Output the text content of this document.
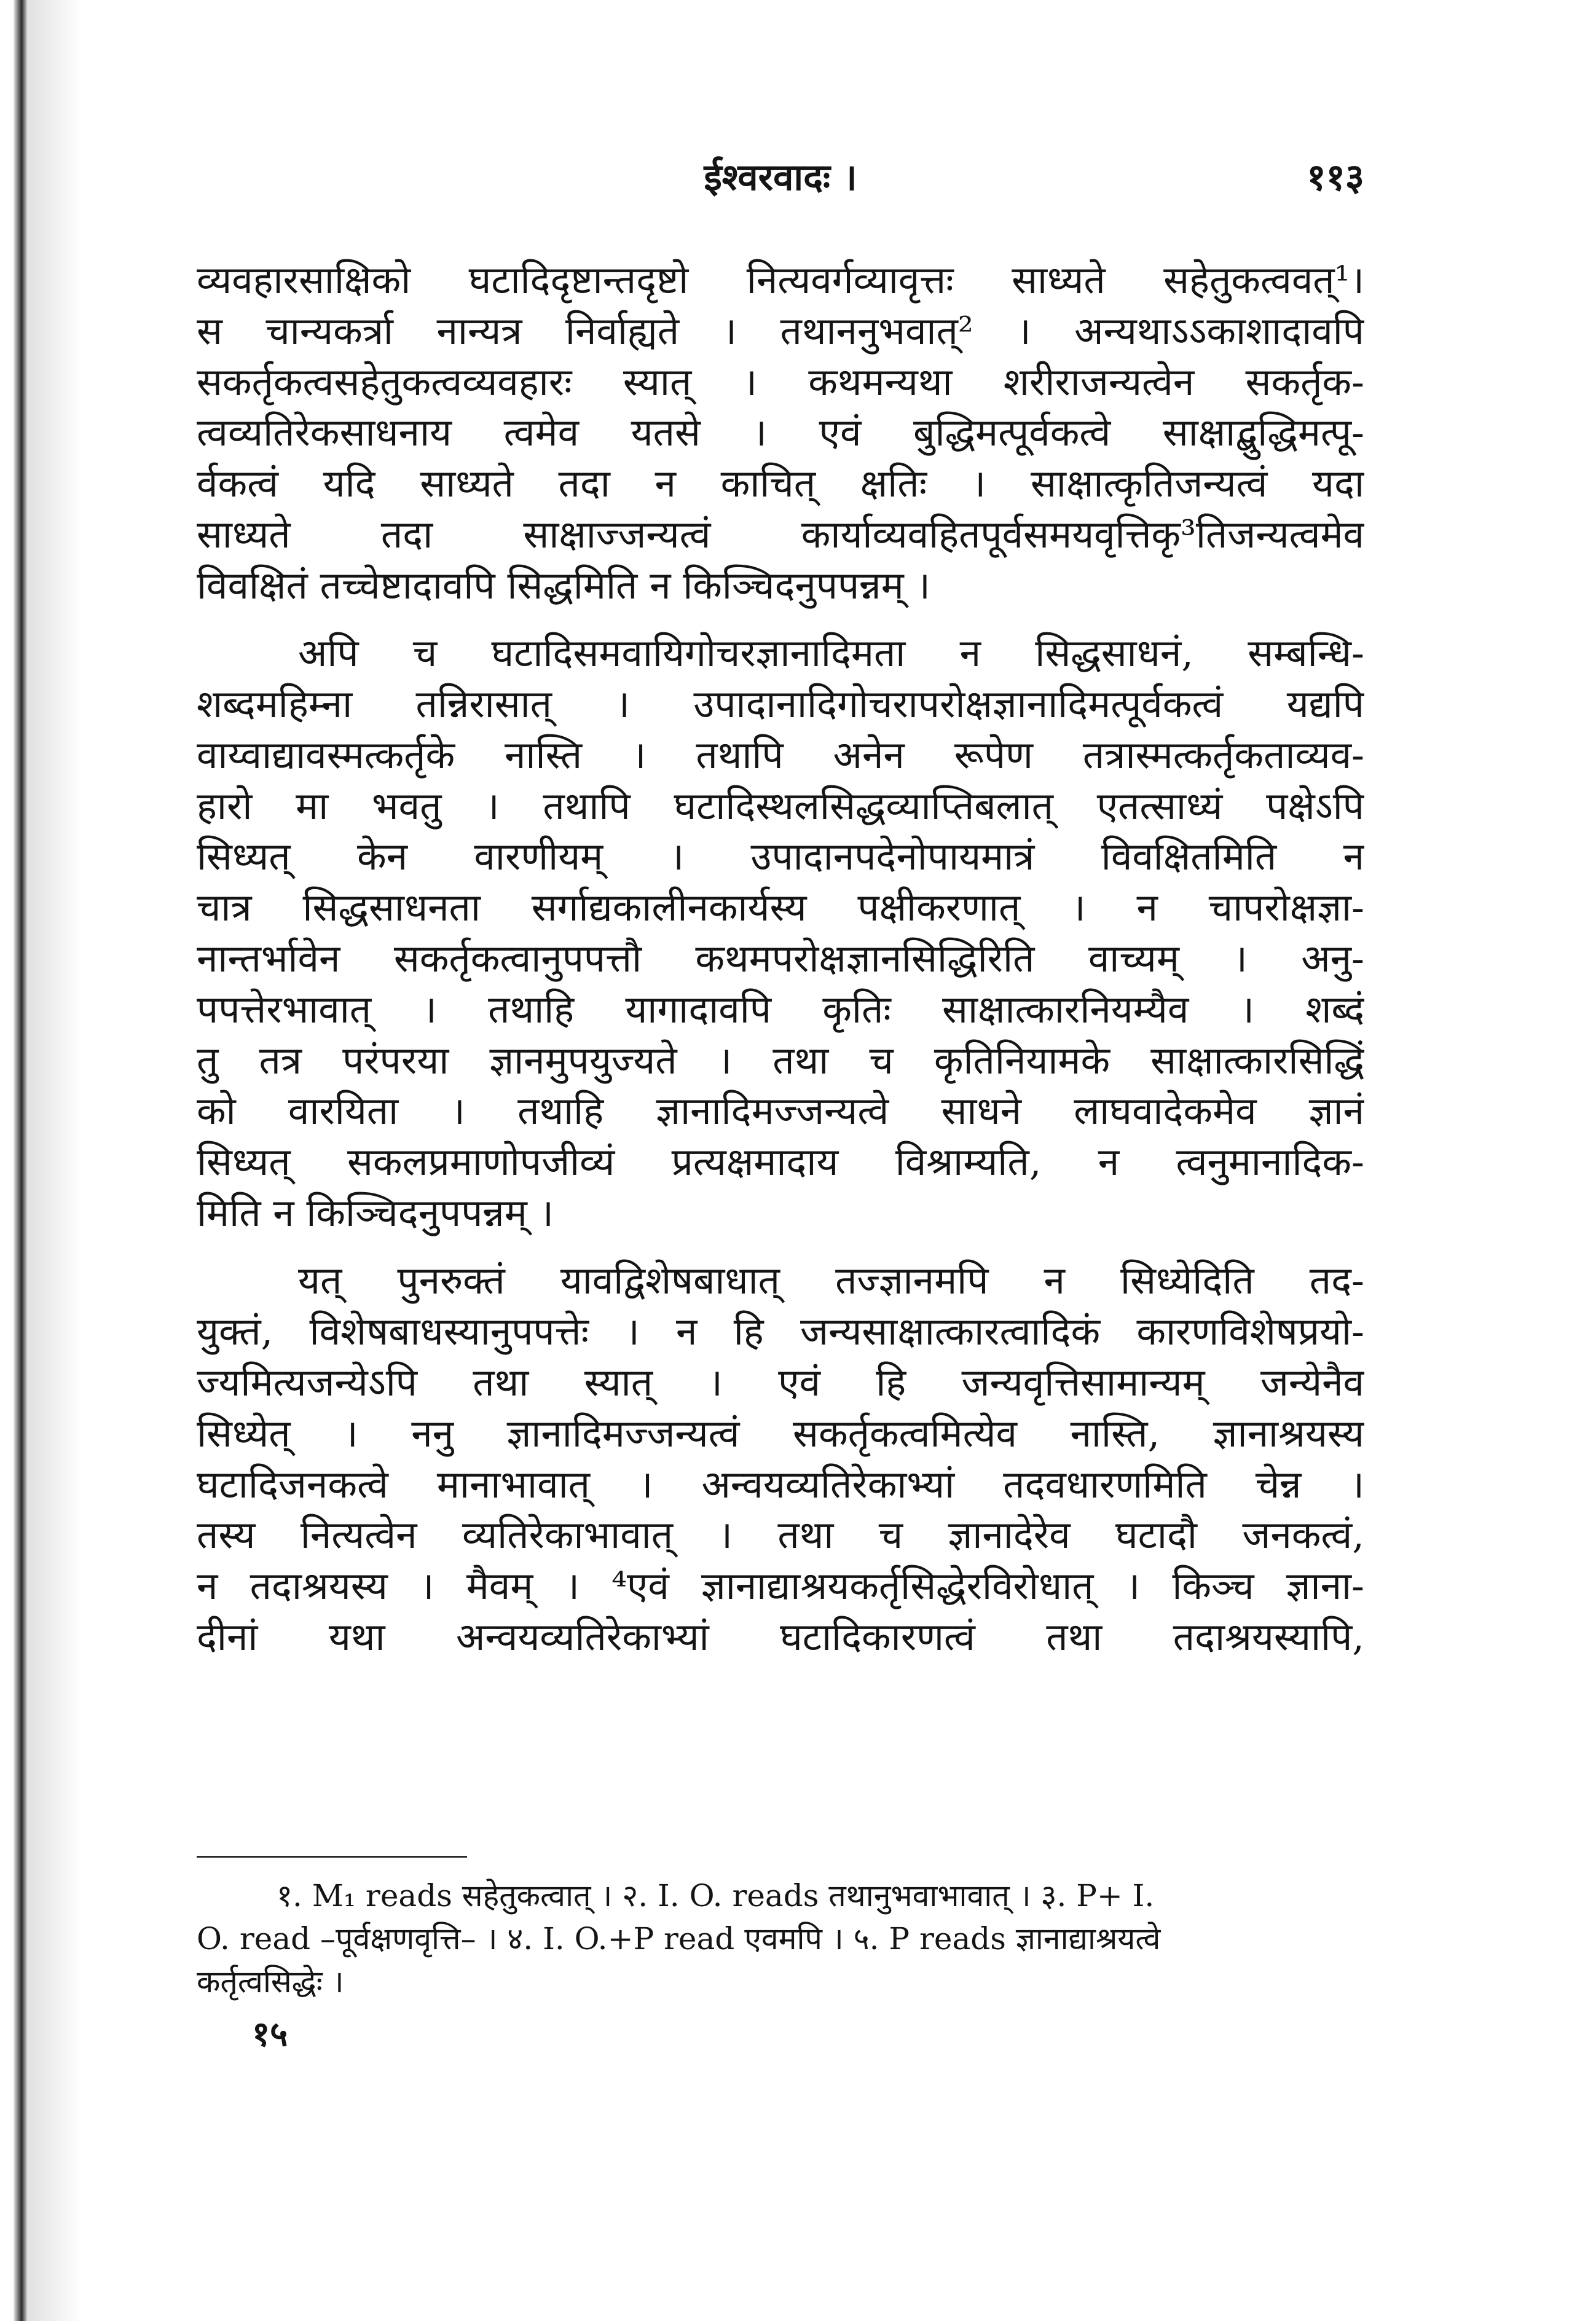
ईश्वरवादः ।	११३
व्यवहारसाक्षिको घटादिदृष्टान्तदृष्टो नित्यवर्गव्यावृत्तः साध्यते सहेतुकत्ववत्¹।
स चान्यकर्त्रा नान्यत्र निर्वाह्यते । तथाननुभवात्² । अन्यथाऽऽकाशादावपि
सकर्तृकत्वसहेतुकत्वव्यवहारः स्यात् । कथमन्यथा शरीराजन्यत्वेन सकर्तृक-
त्वव्यतिरेकसाधनाय त्वमेव यतसे । एवं बुद्धिमत्पूर्वकत्वे साक्षाद्बुद्धिमत्पू-
र्वकत्वं यदि साध्यते तदा न काचित् क्षतिः । साक्षात्कृतिजन्यत्वं यदा
साध्यते तदा साक्षाज्जन्यत्वं कार्याव्यवहितपूर्वसमयवृत्तिकृ³तिजन्यत्वमेव
विवक्षितं तच्चेष्टादावपि सिद्धमिति न किञ्चिदनुपपन्नम् ।
अपि च घटादिसमवायिगोचरज्ञानादिमता न सिद्धसाधनं, सम्बन्धि-
शब्दमहिम्ना तन्निरासात् । उपादानादिगोचरापरोक्षज्ञानादिमत्पूर्वकत्वं यद्यपि
वाय्वाद्यावस्मत्कर्तृके नास्ति । तथापि अनेन रूपेण तत्रास्मत्कर्तृकताव्यव-
हारो मा भवतु । तथापि घटादिस्थलसिद्धव्याप्तिबलात् एतत्साध्यं पक्षेऽपि
सिध्यत् केन वारणीयम् । उपादानपदेनोपायमात्रं विवक्षितमिति न
चात्र सिद्धसाधनता सर्गाद्यकालीनकार्यस्य पक्षीकरणात् । न चापरोक्षज्ञा-
नान्तर्भावेन सकर्तृकत्वानुपपत्तौ कथमपरोक्षज्ञानसिद्धिरिति वाच्यम् । अनु-
पपत्तेरभावात् । तथाहि यागादावपि कृतिः साक्षात्कारनियम्यैव । शब्दं
तु तत्र परंपरया ज्ञानमुपयुज्यते । तथा च कृतिनियामके साक्षात्कारसिद्धिं
को वारयिता । तथाहि ज्ञानादिमज्जन्यत्वे साधने लाघवादेकमेव ज्ञानं
सिध्यत् सकलप्रमाणोपजीव्यं प्रत्यक्षमादाय विश्राम्यति, न त्वनुमानादिक-
मिति न किञ्चिदनुपपन्नम् ।
यत् पुनरुक्तं यावद्विशेषबाधात् तज्ज्ञानमपि न सिध्येदिति तद-
युक्तं, विशेषबाधस्यानुपपत्तेः । न हि जन्यसाक्षात्कारत्वादिकं कारणविशेषप्रयो-
ज्यमित्यजन्येऽपि तथा स्यात् । एवं हि जन्यवृत्तिसामान्यम् जन्येनैव
सिध्येत् । ननु ज्ञानादिमज्जन्यत्वं सकर्तृकत्वमित्येव नास्ति, ज्ञानाश्रयस्य
घटादिजनकत्वे मानाभावात् । अन्वयव्यतिरेकाभ्यां तदवधारणमिति चेन्न ।
तस्य नित्यत्वेन व्यतिरेकाभावात् । तथा च ज्ञानादेरेव घटादौ जनकत्वं,
न तदाश्रयस्य । मैवम् । ⁴एवं ज्ञानाद्याश्रयकर्तृसिद्धेरविरोधात् । किञ्च ज्ञाना-
दीनां यथा अन्वयव्यतिरेकाभ्यां घटादिकारणत्वं तथा तदाश्रयस्यापि,
१. M₁ reads सहेतुकत्वात् । २. I. O. reads तथानुभवाभावात् । ३. P+ I.
O. read –पूर्वक्षणवृत्ति– । ४. I. O.+P read एवमपि । ५. P reads ज्ञानाद्याश्रयत्वे
कर्तृत्वसिद्धेः ।
१५
